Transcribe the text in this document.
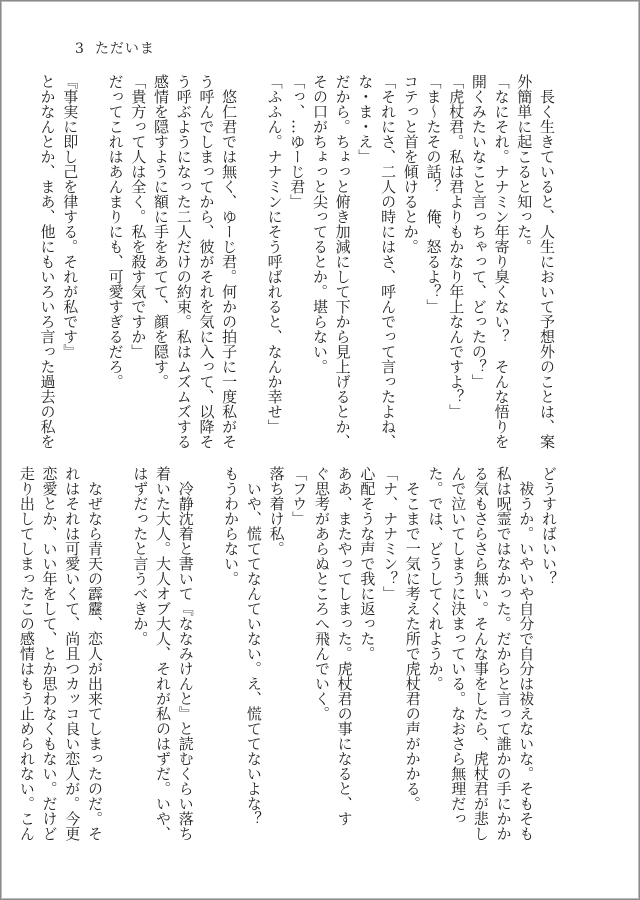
3 ただいま
　長く生きていると、人生において予想外のことは、案
外簡単に起こると知った。
「なにそれ。ナナミン年寄り臭くない？　そんな悟りを
開くみたいなこと言っちゃって、どったの？」
「虎杖君。私は君よりもかなり年上なんですよ？」
「ま～たその話？　俺、怒るよ？」
コテっと首を傾けるとか。
「それにさ、二人の時にはさ、呼んでって言ったよね、
な・ま・え」
だから。ちょっと俯き加減にして下から見上げるとか、
その口がちょっと尖ってるとか。堪らない。
「っ、…ゆーじ君」
「ふふん。ナナミンにそう呼ばれると、なんか幸せ」

　悠仁君では無く、ゆーじ君。何かの拍子に一度私がそ
う呼んでしまってから、彼がそれを気に入って、以降そ
う呼ぶようになった二人だけの約束。私はムズムズする
感情を隠すように額に手をあてて、顔を隠す。
「貴方って人は全く。私を殺す気ですか」
だってこれはあんまりにも、可愛すぎるだろ。

『事実に即し己を律する。それが私です』
とかなんとか、まあ、他にもいろいろ言った過去の私を
どうすればいい？
　祓うか。いやいや自分で自分は祓えないな。そもそも
私は呪霊ではなかった。だからと言って誰かの手にかか
る気もさらさら無い。そんな事をしたら、虎杖君が悲し
んで泣いてしまうに決まっている。なおさら無理だっ
た。では、どうしてくれようか。
　そこまで一気に考えた所で虎杖君の声がかかる。
「ナ、ナナミン？」
心配そうな声で我に返った。
ああ、またやってしまった。虎杖君の事になると、す
ぐ思考があらぬところへ飛んでいく。
「フウ」
落ち着け私。
　いや、慌ててなんていない。え、慌ててないよな？
もうわからない。

　冷静沈着と書いて『ななみけんと』と読むくらい落ち
着いた大人。大人オブ大人、それが私のはずだ。いや、
はずだったと言うべきか。

　なぜなら青天の霹靂、恋人が出来てしまったのだ。そ
れはそれは可愛いくて、尚且つカッコ良い恋人が。今更
恋愛とか、いい年をして、とか思わなくもない。だけど
走り出してしまったこの感情はもう止められない。こん
